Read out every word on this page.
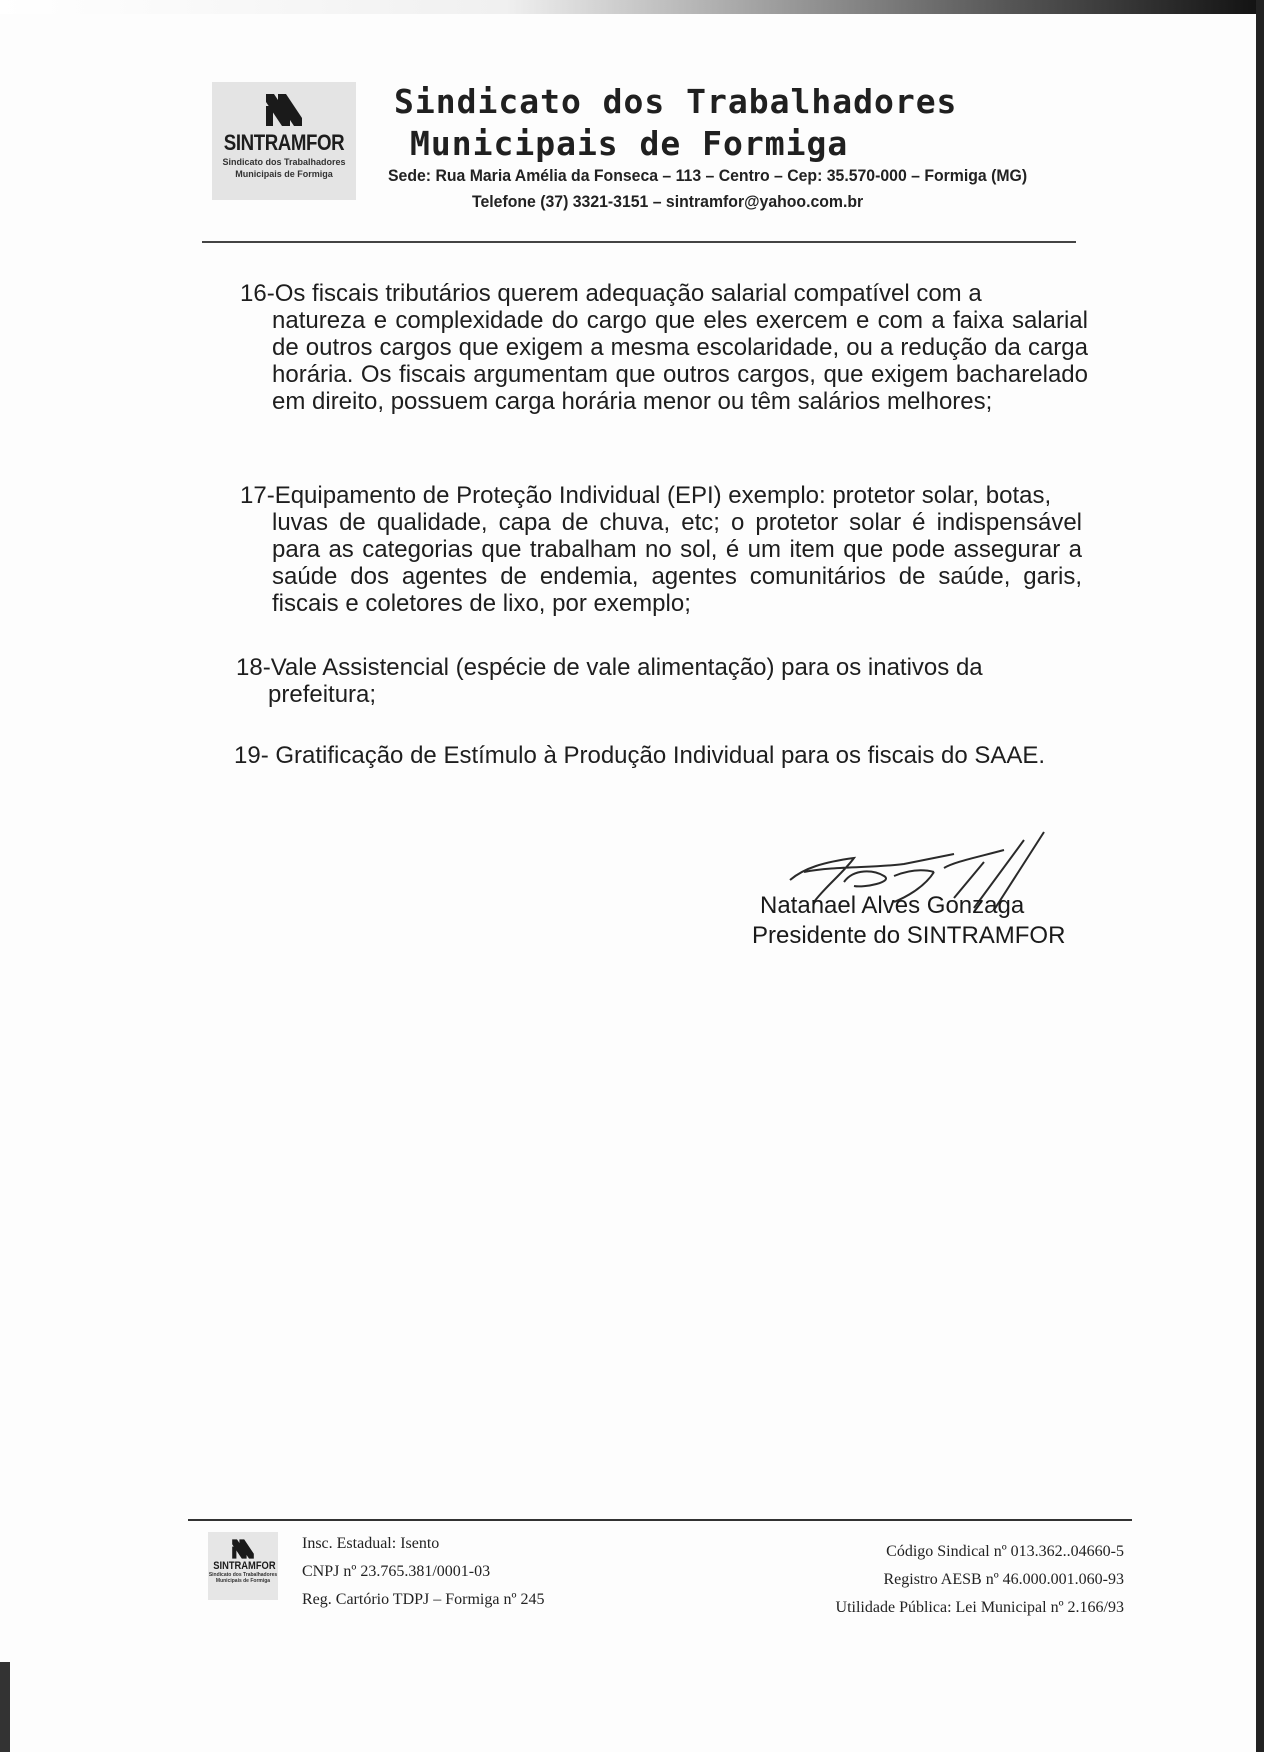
SINTRAMFOR
Sindicato dos Trabalhadores
Municipais de Formiga
Sindicato dos Trabalhadores
Municipais de Formiga
Sede: Rua Maria Amélia da Fonseca – 113 – Centro – Cep: 35.570-000 – Formiga (MG)
Telefone (37) 3321-3151 – sintramfor@yahoo.com.br

16-Os fiscais tributários querem adequação salarial compatível com a

natureza e complexidade do cargo que eles exercem e com a faixa salarial de outros cargos que exigem a mesma escolaridade, ou a redução da carga horária. Os fiscais argumentam que outros cargos, que exigem bacharelado em direito, possuem carga horária menor ou têm salários melhores;

17-Equipamento de Proteção Individual (EPI) exemplo: protetor solar, botas,

luvas de qualidade, capa de chuva, etc; o protetor solar é indispensável para as categorias que trabalham no sol, é um item que pode assegurar a saúde dos agentes de endemia, agentes comunitários de saúde, garis, fiscais e coletores de lixo, por exemplo;

18-Vale Assistencial (espécie de vale alimentação) para os inativos da

prefeitura;

19- Gratificação de Estímulo à Produção Individual para os fiscais do SAAE.

Natanael Alves Gonzaga
Presidente do SINTRAMFOR
SINTRAMFOR
Sindicato dos Trabalhadores
Municipais de Formiga
Insc. Estadual: Isento
CNPJ nº 23.765.381/0001-03
Reg. Cartório TDPJ – Formiga nº 245
Código Sindical nº 013.362..04660-5
Registro AESB nº 46.000.001.060-93
Utilidade Pública: Lei Municipal nº 2.166/93
